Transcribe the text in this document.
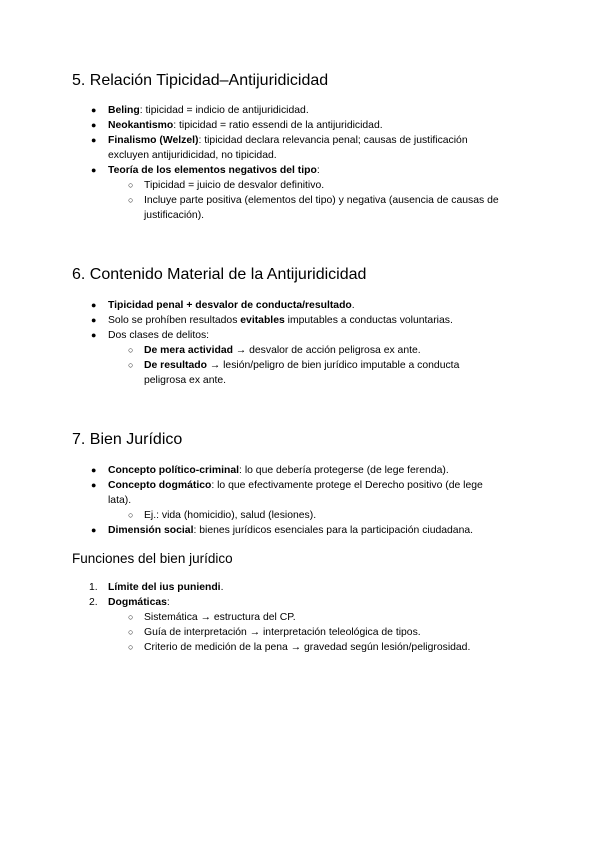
5. Relación Tipicidad–Antijuridicidad
● Beling: tipicidad = indicio de antijuridicidad.
● Neokantismo: tipicidad = ratio essendi de la antijuridicidad.
● Finalismo (Welzel): tipicidad declara relevancia penal; causas de justificación
excluyen antijuridicidad, no tipicidad.
● Teoría de los elementos negativos del tipo:
○ Tipicidad = juicio de desvalor definitivo.
○ Incluye parte positiva (elementos del tipo) y negativa (ausencia de causas de
justificación).
6. Contenido Material de la Antijuridicidad
● Tipicidad penal + desvalor de conducta/resultado.
● Solo se prohíben resultados evitables imputables a conductas voluntarias.
● Dos clases de delitos:
○ De mera actividad → desvalor de acción peligrosa ex ante.
○ De resultado → lesión/peligro de bien jurídico imputable a conducta
peligrosa ex ante.
7. Bien Jurídico
● Concepto político-criminal: lo que debería protegerse (de lege ferenda).
● Concepto dogmático: lo que efectivamente protege el Derecho positivo (de lege
lata).
○ Ej.: vida (homicidio), salud (lesiones).
● Dimensión social: bienes jurídicos esenciales para la participación ciudadana.
Funciones del bien jurídico
1. Límite del ius puniendi.
2. Dogmáticas:
○ Sistemática → estructura del CP.
○ Guía de interpretación → interpretación teleológica de tipos.
○ Criterio de medición de la pena → gravedad según lesión/peligrosidad.
